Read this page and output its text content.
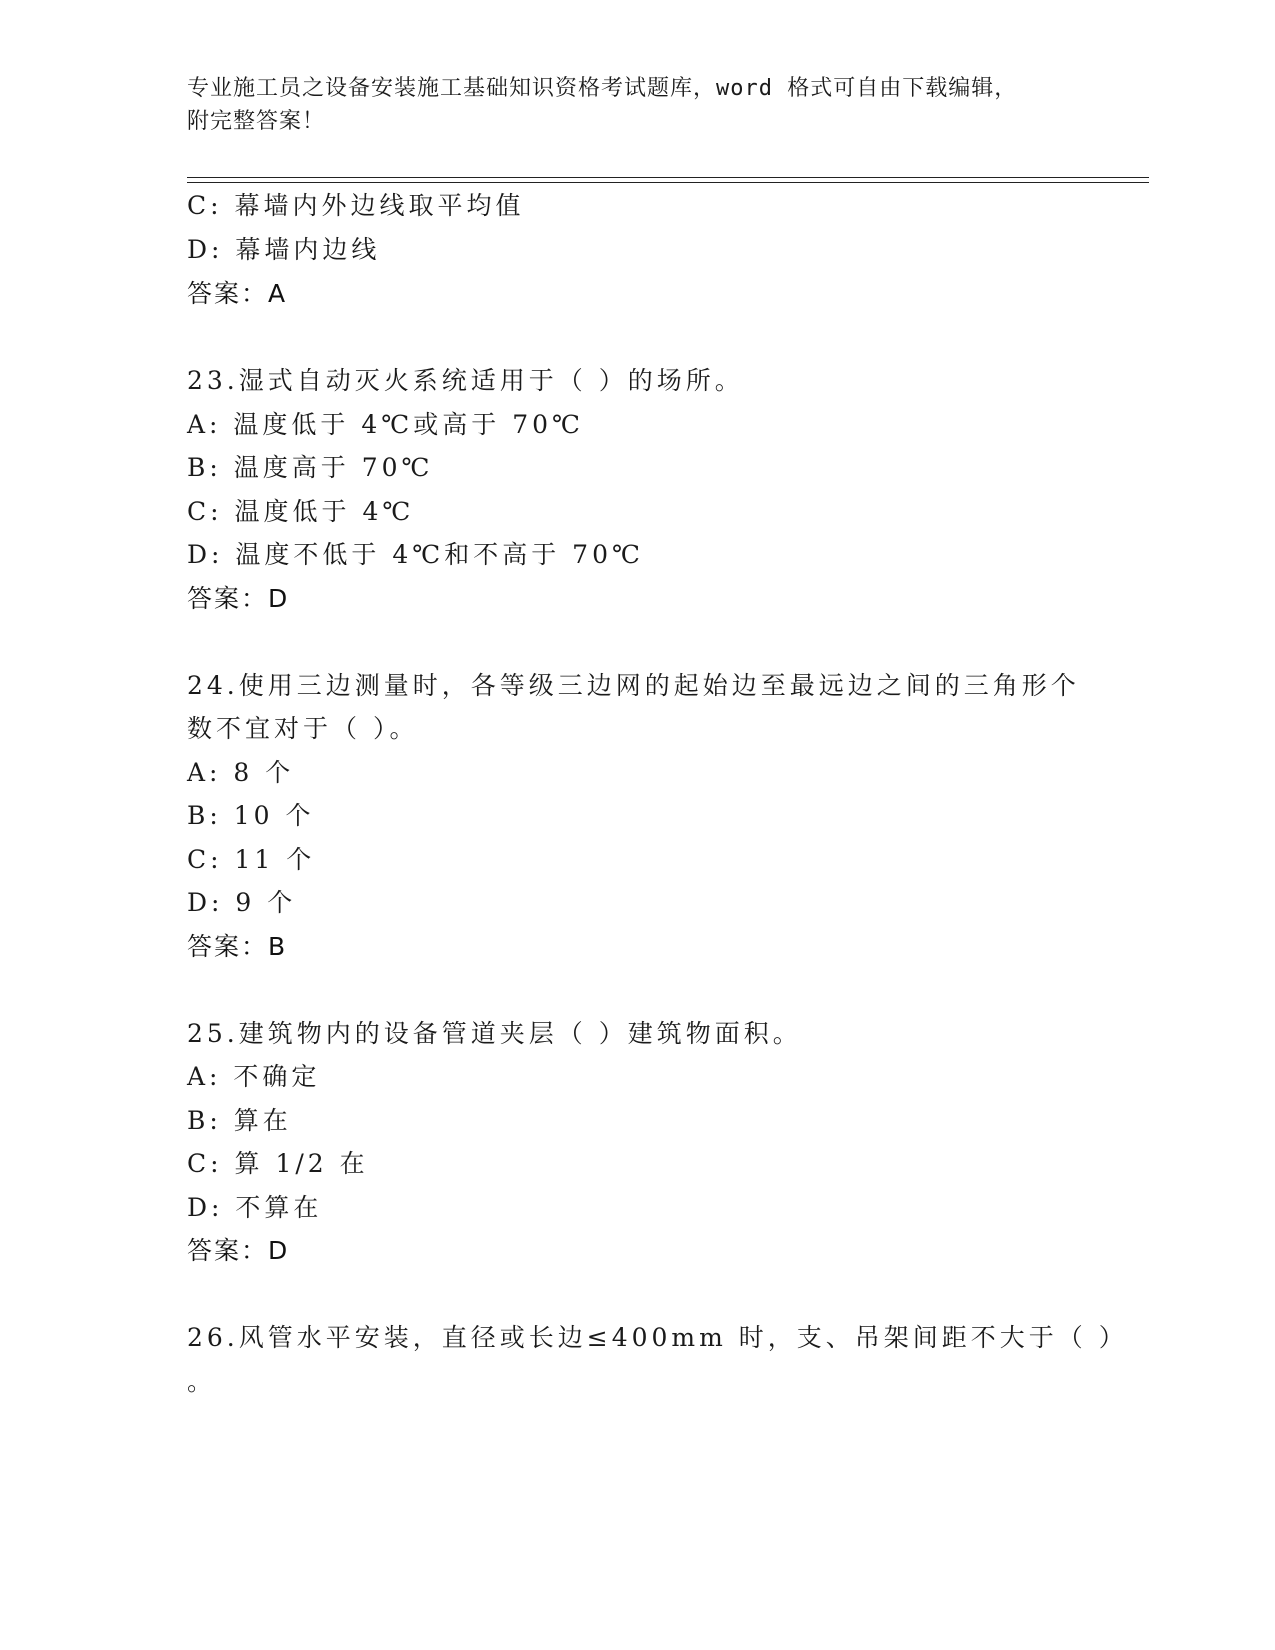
专业施工员之设备安装施工基础知识资格考试题库，word 格式可自由下载编辑，
附完整答案！
C: 幕墙内外边线取平均值
D: 幕墙内边线
答案：A
23.湿式自动灭火系统适用于（ ）的场所。
A: 温度低于 4℃或高于 70℃
B: 温度高于 70℃
C: 温度低于 4℃
D: 温度不低于 4℃和不高于 70℃
答案：D
24.使用三边测量时，各等级三边网的起始边至最远边之间的三角形个
数不宜对于（ ）。
A: 8 个
B: 10 个
C: 11 个
D: 9 个
答案：B
25.建筑物内的设备管道夹层（ ）建筑物面积。
A: 不确定
B: 算在
C: 算 1/2 在
D: 不算在
答案：D
26.风管水平安装，直径或长边≤400mm 时，支、吊架间距不大于（ ）
。
